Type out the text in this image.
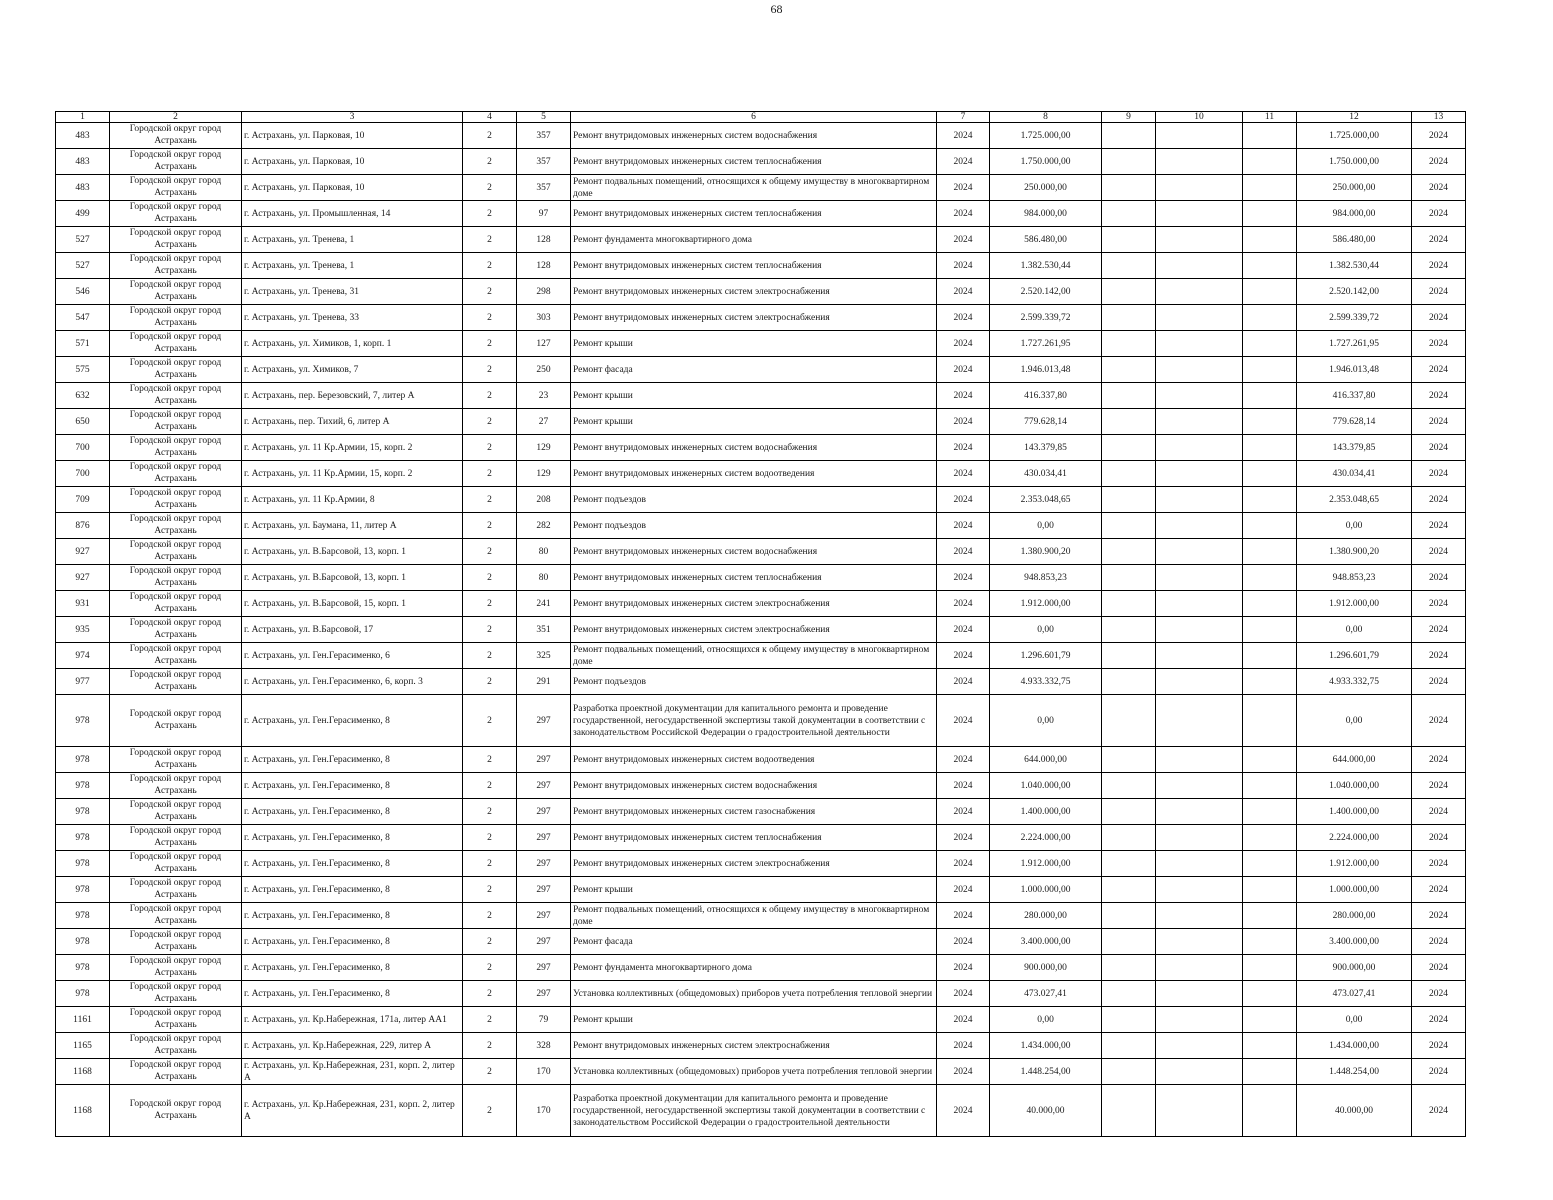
68
1	2	3	4	5	6	7	8	9	10	11	12	13
483	Городской округ город Астрахань	г. Астрахань, ул. Парковая, 10	2	357	Ремонт внутридомовых инженерных систем водоснабжения	2024	1.725.000,00				1.725.000,00	2024
483	Городской округ город Астрахань	г. Астрахань, ул. Парковая, 10	2	357	Ремонт внутридомовых инженерных систем теплоснабжения	2024	1.750.000,00				1.750.000,00	2024
483	Городской округ город Астрахань	г. Астрахань, ул. Парковая, 10	2	357	Ремонт подвальных помещений, относящихся к общему имуществу в многоквартирном доме	2024	250.000,00				250.000,00	2024
499	Городской округ город Астрахань	г. Астрахань, ул. Промышленная, 14	2	97	Ремонт внутридомовых инженерных систем теплоснабжения	2024	984.000,00				984.000,00	2024
527	Городской округ город Астрахань	г. Астрахань, ул. Тренева, 1	2	128	Ремонт фундамента многоквартирного дома	2024	586.480,00				586.480,00	2024
527	Городской округ город Астрахань	г. Астрахань, ул. Тренева, 1	2	128	Ремонт внутридомовых инженерных систем теплоснабжения	2024	1.382.530,44				1.382.530,44	2024
546	Городской округ город Астрахань	г. Астрахань, ул. Тренева, 31	2	298	Ремонт внутридомовых инженерных систем электроснабжения	2024	2.520.142,00				2.520.142,00	2024
547	Городской округ город Астрахань	г. Астрахань, ул. Тренева, 33	2	303	Ремонт внутридомовых инженерных систем электроснабжения	2024	2.599.339,72				2.599.339,72	2024
571	Городской округ город Астрахань	г. Астрахань, ул. Химиков, 1, корп. 1	2	127	Ремонт крыши	2024	1.727.261,95				1.727.261,95	2024
575	Городской округ город Астрахань	г. Астрахань, ул. Химиков, 7	2	250	Ремонт фасада	2024	1.946.013,48				1.946.013,48	2024
632	Городской округ город Астрахань	г. Астрахань, пер. Березовский, 7, литер А	2	23	Ремонт крыши	2024	416.337,80				416.337,80	2024
650	Городской округ город Астрахань	г. Астрахань, пер. Тихий, 6, литер А	2	27	Ремонт крыши	2024	779.628,14				779.628,14	2024
700	Городской округ город Астрахань	г. Астрахань, ул. 11 Кр.Армии, 15, корп. 2	2	129	Ремонт внутридомовых инженерных систем водоснабжения	2024	143.379,85				143.379,85	2024
700	Городской округ город Астрахань	г. Астрахань, ул. 11 Кр.Армии, 15, корп. 2	2	129	Ремонт внутридомовых инженерных систем водоотведения	2024	430.034,41				430.034,41	2024
709	Городской округ город Астрахань	г. Астрахань, ул. 11 Кр.Армии, 8	2	208	Ремонт подъездов	2024	2.353.048,65				2.353.048,65	2024
876	Городской округ город Астрахань	г. Астрахань, ул. Баумана, 11, литер А	2	282	Ремонт подъездов	2024	0,00				0,00	2024
927	Городской округ город Астрахань	г. Астрахань, ул. В.Барсовой, 13, корп. 1	2	80	Ремонт внутридомовых инженерных систем водоснабжения	2024	1.380.900,20				1.380.900,20	2024
927	Городской округ город Астрахань	г. Астрахань, ул. В.Барсовой, 13, корп. 1	2	80	Ремонт внутридомовых инженерных систем теплоснабжения	2024	948.853,23				948.853,23	2024
931	Городской округ город Астрахань	г. Астрахань, ул. В.Барсовой, 15, корп. 1	2	241	Ремонт внутридомовых инженерных систем электроснабжения	2024	1.912.000,00				1.912.000,00	2024
935	Городской округ город Астрахань	г. Астрахань, ул. В.Барсовой, 17	2	351	Ремонт внутридомовых инженерных систем электроснабжения	2024	0,00				0,00	2024
974	Городской округ город Астрахань	г. Астрахань, ул. Ген.Герасименко, 6	2	325	Ремонт подвальных помещений, относящихся к общему имуществу в многоквартирном доме	2024	1.296.601,79				1.296.601,79	2024
977	Городской округ город Астрахань	г. Астрахань, ул. Ген.Герасименко, 6, корп. 3	2	291	Ремонт подъездов	2024	4.933.332,75				4.933.332,75	2024
978	Городской округ город Астрахань	г. Астрахань, ул. Ген.Герасименко, 8	2	297	Разработка проектной документации для капитального ремонта и проведение государственной, негосударственной экспертизы такой документации в соответствии с законодательством Российской Федерации о градостроительной деятельности	2024	0,00				0,00	2024
978	Городской округ город Астрахань	г. Астрахань, ул. Ген.Герасименко, 8	2	297	Ремонт внутридомовых инженерных систем водоотведения	2024	644.000,00				644.000,00	2024
978	Городской округ город Астрахань	г. Астрахань, ул. Ген.Герасименко, 8	2	297	Ремонт внутридомовых инженерных систем водоснабжения	2024	1.040.000,00				1.040.000,00	2024
978	Городской округ город Астрахань	г. Астрахань, ул. Ген.Герасименко, 8	2	297	Ремонт внутридомовых инженерных систем газоснабжения	2024	1.400.000,00				1.400.000,00	2024
978	Городской округ город Астрахань	г. Астрахань, ул. Ген.Герасименко, 8	2	297	Ремонт внутридомовых инженерных систем теплоснабжения	2024	2.224.000,00				2.224.000,00	2024
978	Городской округ город Астрахань	г. Астрахань, ул. Ген.Герасименко, 8	2	297	Ремонт внутридомовых инженерных систем электроснабжения	2024	1.912.000,00				1.912.000,00	2024
978	Городской округ город Астрахань	г. Астрахань, ул. Ген.Герасименко, 8	2	297	Ремонт крыши	2024	1.000.000,00				1.000.000,00	2024
978	Городской округ город Астрахань	г. Астрахань, ул. Ген.Герасименко, 8	2	297	Ремонт подвальных помещений, относящихся к общему имуществу в многоквартирном доме	2024	280.000,00				280.000,00	2024
978	Городской округ город Астрахань	г. Астрахань, ул. Ген.Герасименко, 8	2	297	Ремонт фасада	2024	3.400.000,00				3.400.000,00	2024
978	Городской округ город Астрахань	г. Астрахань, ул. Ген.Герасименко, 8	2	297	Ремонт фундамента многоквартирного дома	2024	900.000,00				900.000,00	2024
978	Городской округ город Астрахань	г. Астрахань, ул. Ген.Герасименко, 8	2	297	Установка коллективных (общедомовых) приборов учета потребления тепловой энергии	2024	473.027,41				473.027,41	2024
1161	Городской округ город Астрахань	г. Астрахань, ул. Кр.Набережная, 171а, литер АА1	2	79	Ремонт крыши	2024	0,00				0,00	2024
1165	Городской округ город Астрахань	г. Астрахань, ул. Кр.Набережная, 229, литер А	2	328	Ремонт внутридомовых инженерных систем электроснабжения	2024	1.434.000,00				1.434.000,00	2024
1168	Городской округ город Астрахань	г. Астрахань, ул. Кр.Набережная, 231, корп. 2, литер А	2	170	Установка коллективных (общедомовых) приборов учета потребления тепловой энергии	2024	1.448.254,00				1.448.254,00	2024
1168	Городской округ город Астрахань	г. Астрахань, ул. Кр.Набережная, 231, корп. 2, литер А	2	170	Разработка проектной документации для капитального ремонта и проведение государственной, негосударственной экспертизы такой документации в соответствии с законодательством Российской Федерации о градостроительной деятельности	2024	40.000,00				40.000,00	2024
